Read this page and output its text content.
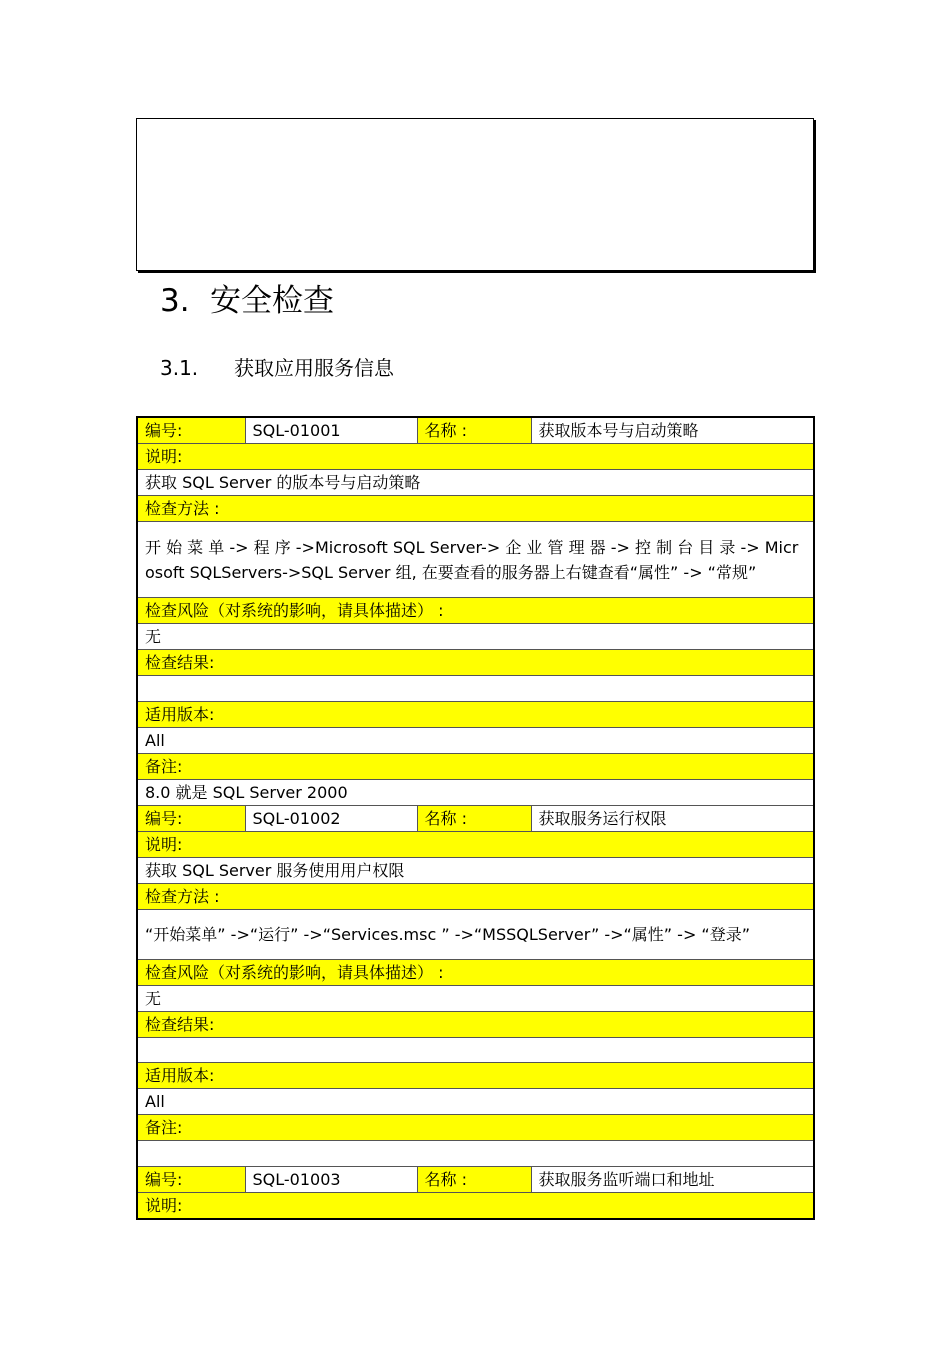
3. 安全检查
3.1. 获取应用服务信息
编号:	SQL-01001	名称 :	获取版本号与启动策略
说明:			
获取 SQL Server 的版本号与启动策略			
检查方法 :			
开 始 菜 单 -> 程 序 ->Microsoft SQL Server-> 企 业 管 理 器 -> 控 制 台 目 录 -> Microsoft SQLServers->SQL Server 组, 在要查看的服务器上右键查看“属性” -> “常规”			
检查风险（对系统的影响，请具体描述） :			
无			
检查结果:			

适用版本:			
All			
备注:			
8.0 就是 SQL Server 2000			
编号:	SQL-01002	名称 :	获取服务运行权限
说明:			
获取 SQL Server 服务使用用户权限			
检查方法 :			
“开始菜单” ->“运行” ->“Services.msc ” ->“MSSQLServer” ->“属性” -> “登录”			
检查风险（对系统的影响，请具体描述） :			
无			
检查结果:			

适用版本:			
All			
备注:			

编号:	SQL-01003	名称 :	获取服务监听端口和地址
说明:			
